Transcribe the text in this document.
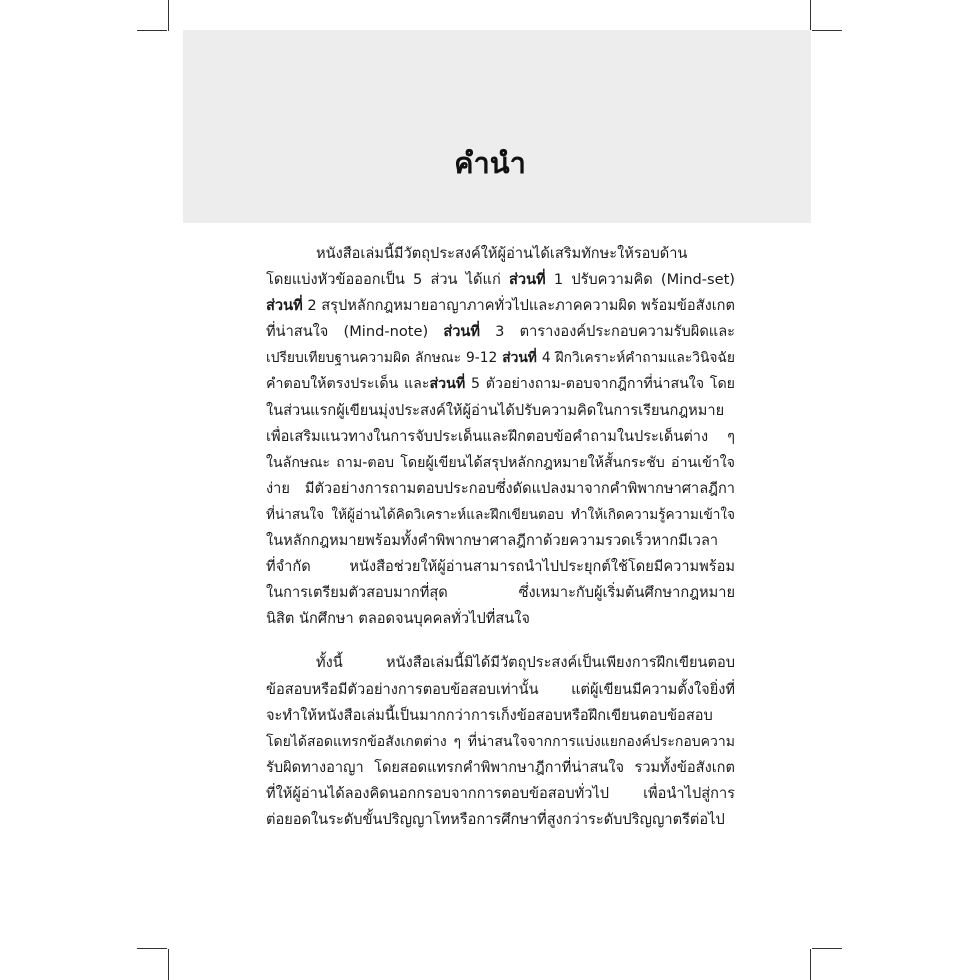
คำนำ
หนังสือเล่มนี้มีวัตถุประสงค์ให้ผู้อ่านได้เสริมทักษะให้รอบด้าน
โดยแบ่งหัวข้อออกเป็น 5 ส่วน ได้แก่ ส่วนที่ 1 ปรับความคิด (Mind-set)
ส่วนที่ 2 สรุปหลักกฎหมายอาญาภาคทั่วไปและภาคความผิด พร้อมข้อสังเกต
ที่น่าสนใจ (Mind-note) ส่วนที่ 3 ตารางองค์ประกอบความรับผิดและ
เปรียบเทียบฐานความผิด ลักษณะ 9-12 ส่วนที่ 4 ฝึกวิเคราะห์คำถามและวินิจฉัย
คำตอบให้ตรงประเด็น และส่วนที่ 5 ตัวอย่างถาม-ตอบจากฎีกาที่น่าสนใจ โดย
ในส่วนแรกผู้เขียนมุ่งประสงค์ให้ผู้อ่านได้ปรับความคิดในการเรียนกฎหมาย
เพื่อเสริมแนวทางในการจับประเด็นและฝึกตอบข้อคำถามในประเด็นต่าง ๆ
ในลักษณะ ถาม-ตอบ โดยผู้เขียนได้สรุปหลักกฎหมายให้สั้นกระชับ อ่านเข้าใจ
ง่าย มีตัวอย่างการถามตอบประกอบซึ่งดัดแปลงมาจากคำพิพากษาศาลฎีกา
ที่น่าสนใจ ให้ผู้อ่านได้คิดวิเคราะห์และฝึกเขียนตอบ ทำให้เกิดความรู้ความเข้าใจ
ในหลักกฎหมายพร้อมทั้งคำพิพากษาศาลฎีกาด้วยความรวดเร็วหากมีเวลา
ที่จำกัด หนังสือช่วยให้ผู้อ่านสามารถนำไปประยุกต์ใช้โดยมีความพร้อม
ในการเตรียมตัวสอบมากที่สุด ซึ่งเหมาะกับผู้เริ่มต้นศึกษากฎหมาย
นิสิต นักศึกษา ตลอดจนบุคคลทั่วไปที่สนใจ
ทั้งนี้ หนังสือเล่มนี้มิได้มีวัตถุประสงค์เป็นเพียงการฝึกเขียนตอบ
ข้อสอบหรือมีตัวอย่างการตอบข้อสอบเท่านั้น แต่ผู้เขียนมีความตั้งใจยิ่งที่
จะทำให้หนังสือเล่มนี้เป็นมากกว่าการเก็งข้อสอบหรือฝึกเขียนตอบข้อสอบ
โดยได้สอดแทรกข้อสังเกตต่าง ๆ ที่น่าสนใจจากการแบ่งแยกองค์ประกอบความ
รับผิดทางอาญา โดยสอดแทรกคำพิพากษาฎีกาที่น่าสนใจ รวมทั้งข้อสังเกต
ที่ให้ผู้อ่านได้ลองคิดนอกกรอบจากการตอบข้อสอบทั่วไป เพื่อนำไปสู่การ
ต่อยอดในระดับขั้นปริญญาโทหรือการศึกษาที่สูงกว่าระดับปริญญาตรีต่อไป
